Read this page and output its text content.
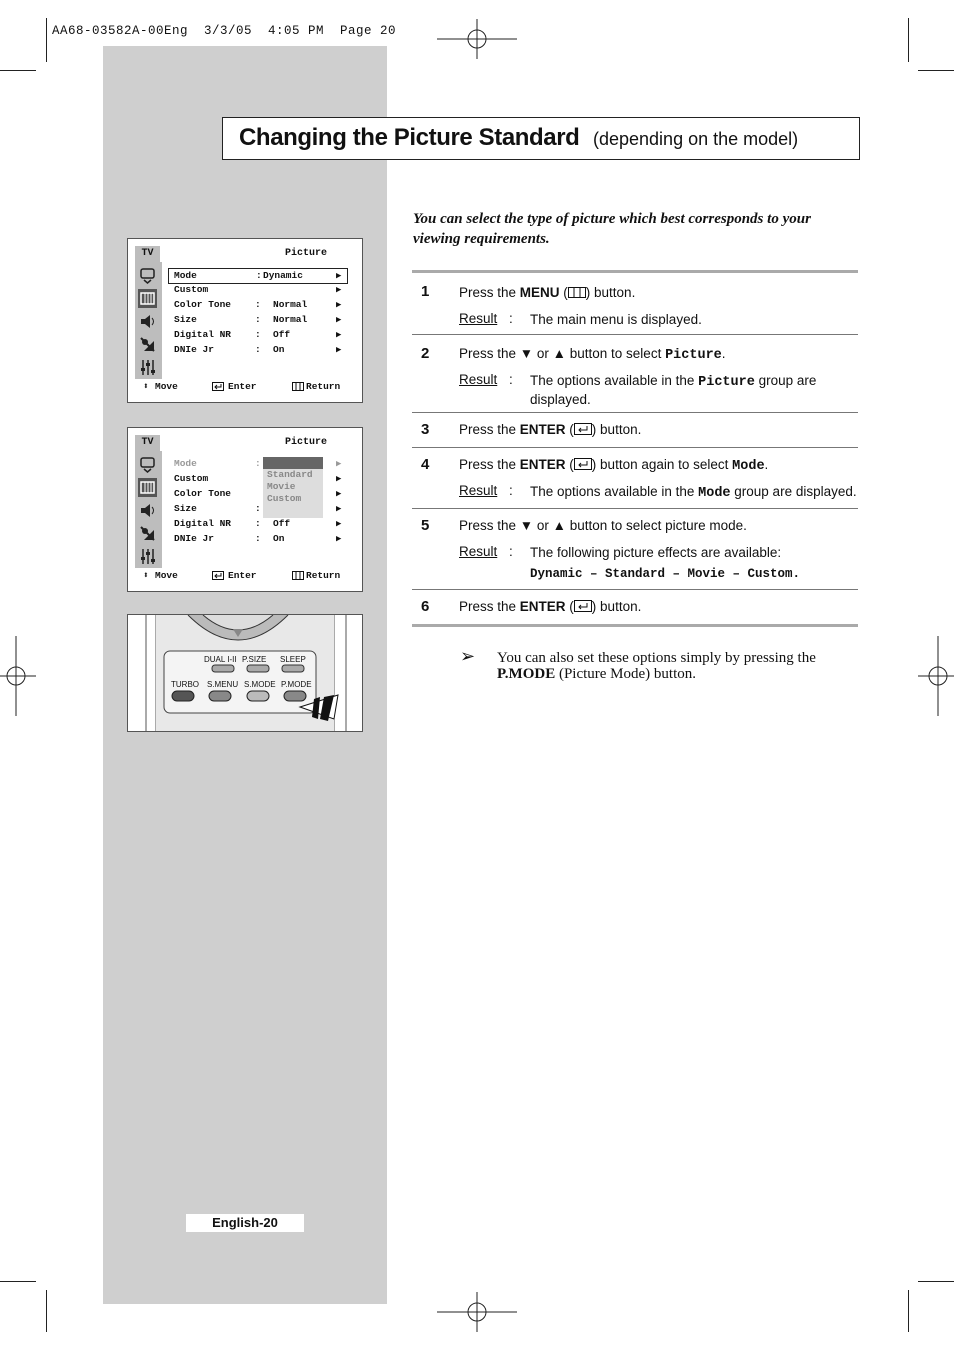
AA68-03582A-00Eng  3/3/05  4:05 PM  Page 20
Changing the Picture Standard (depending on the model)
You can select the type of picture which best corresponds to your viewing requirements.
1 Press the MENU ( ) button.
Result : The main menu is displayed.
2 Press the ▼ or ▲ button to select Picture.
Result : The options available in the Picture group are displayed.
3 Press the ENTER ( ) button.
4 Press the ENTER ( ) button again to select Mode.
Result : The options available in the Mode group are displayed.
5 Press the ▼ or ▲ button to select picture mode.
Result : The following picture effects are available:
Dynamic – Standard – Movie – Custom.
6 Press the ENTER ( ) button.
➢ You can also set these options simply by pressing the P.MODE (Picture Mode) button.
TV	Picture
Mode	: Dynamic	▶
Custom	▶
Color Tone	: Normal	▶
Size	: Normal	▶
Digital NR	: Off	▶
DNIe Jr	: On	▶
⬍ Move	Enter	Return
TV	Picture
Mode	:	▶
Custom	▶
Color Tone	▶
Size	:	▶
Digital NR	: Off	▶
DNIe Jr	: On	▶
Standard
Movie
Custom
⬍ Move	Enter	Return
DUAL I-II P.SIZE SLEEP
TURBO S.MENU S.MODE P.MODE
English-20
